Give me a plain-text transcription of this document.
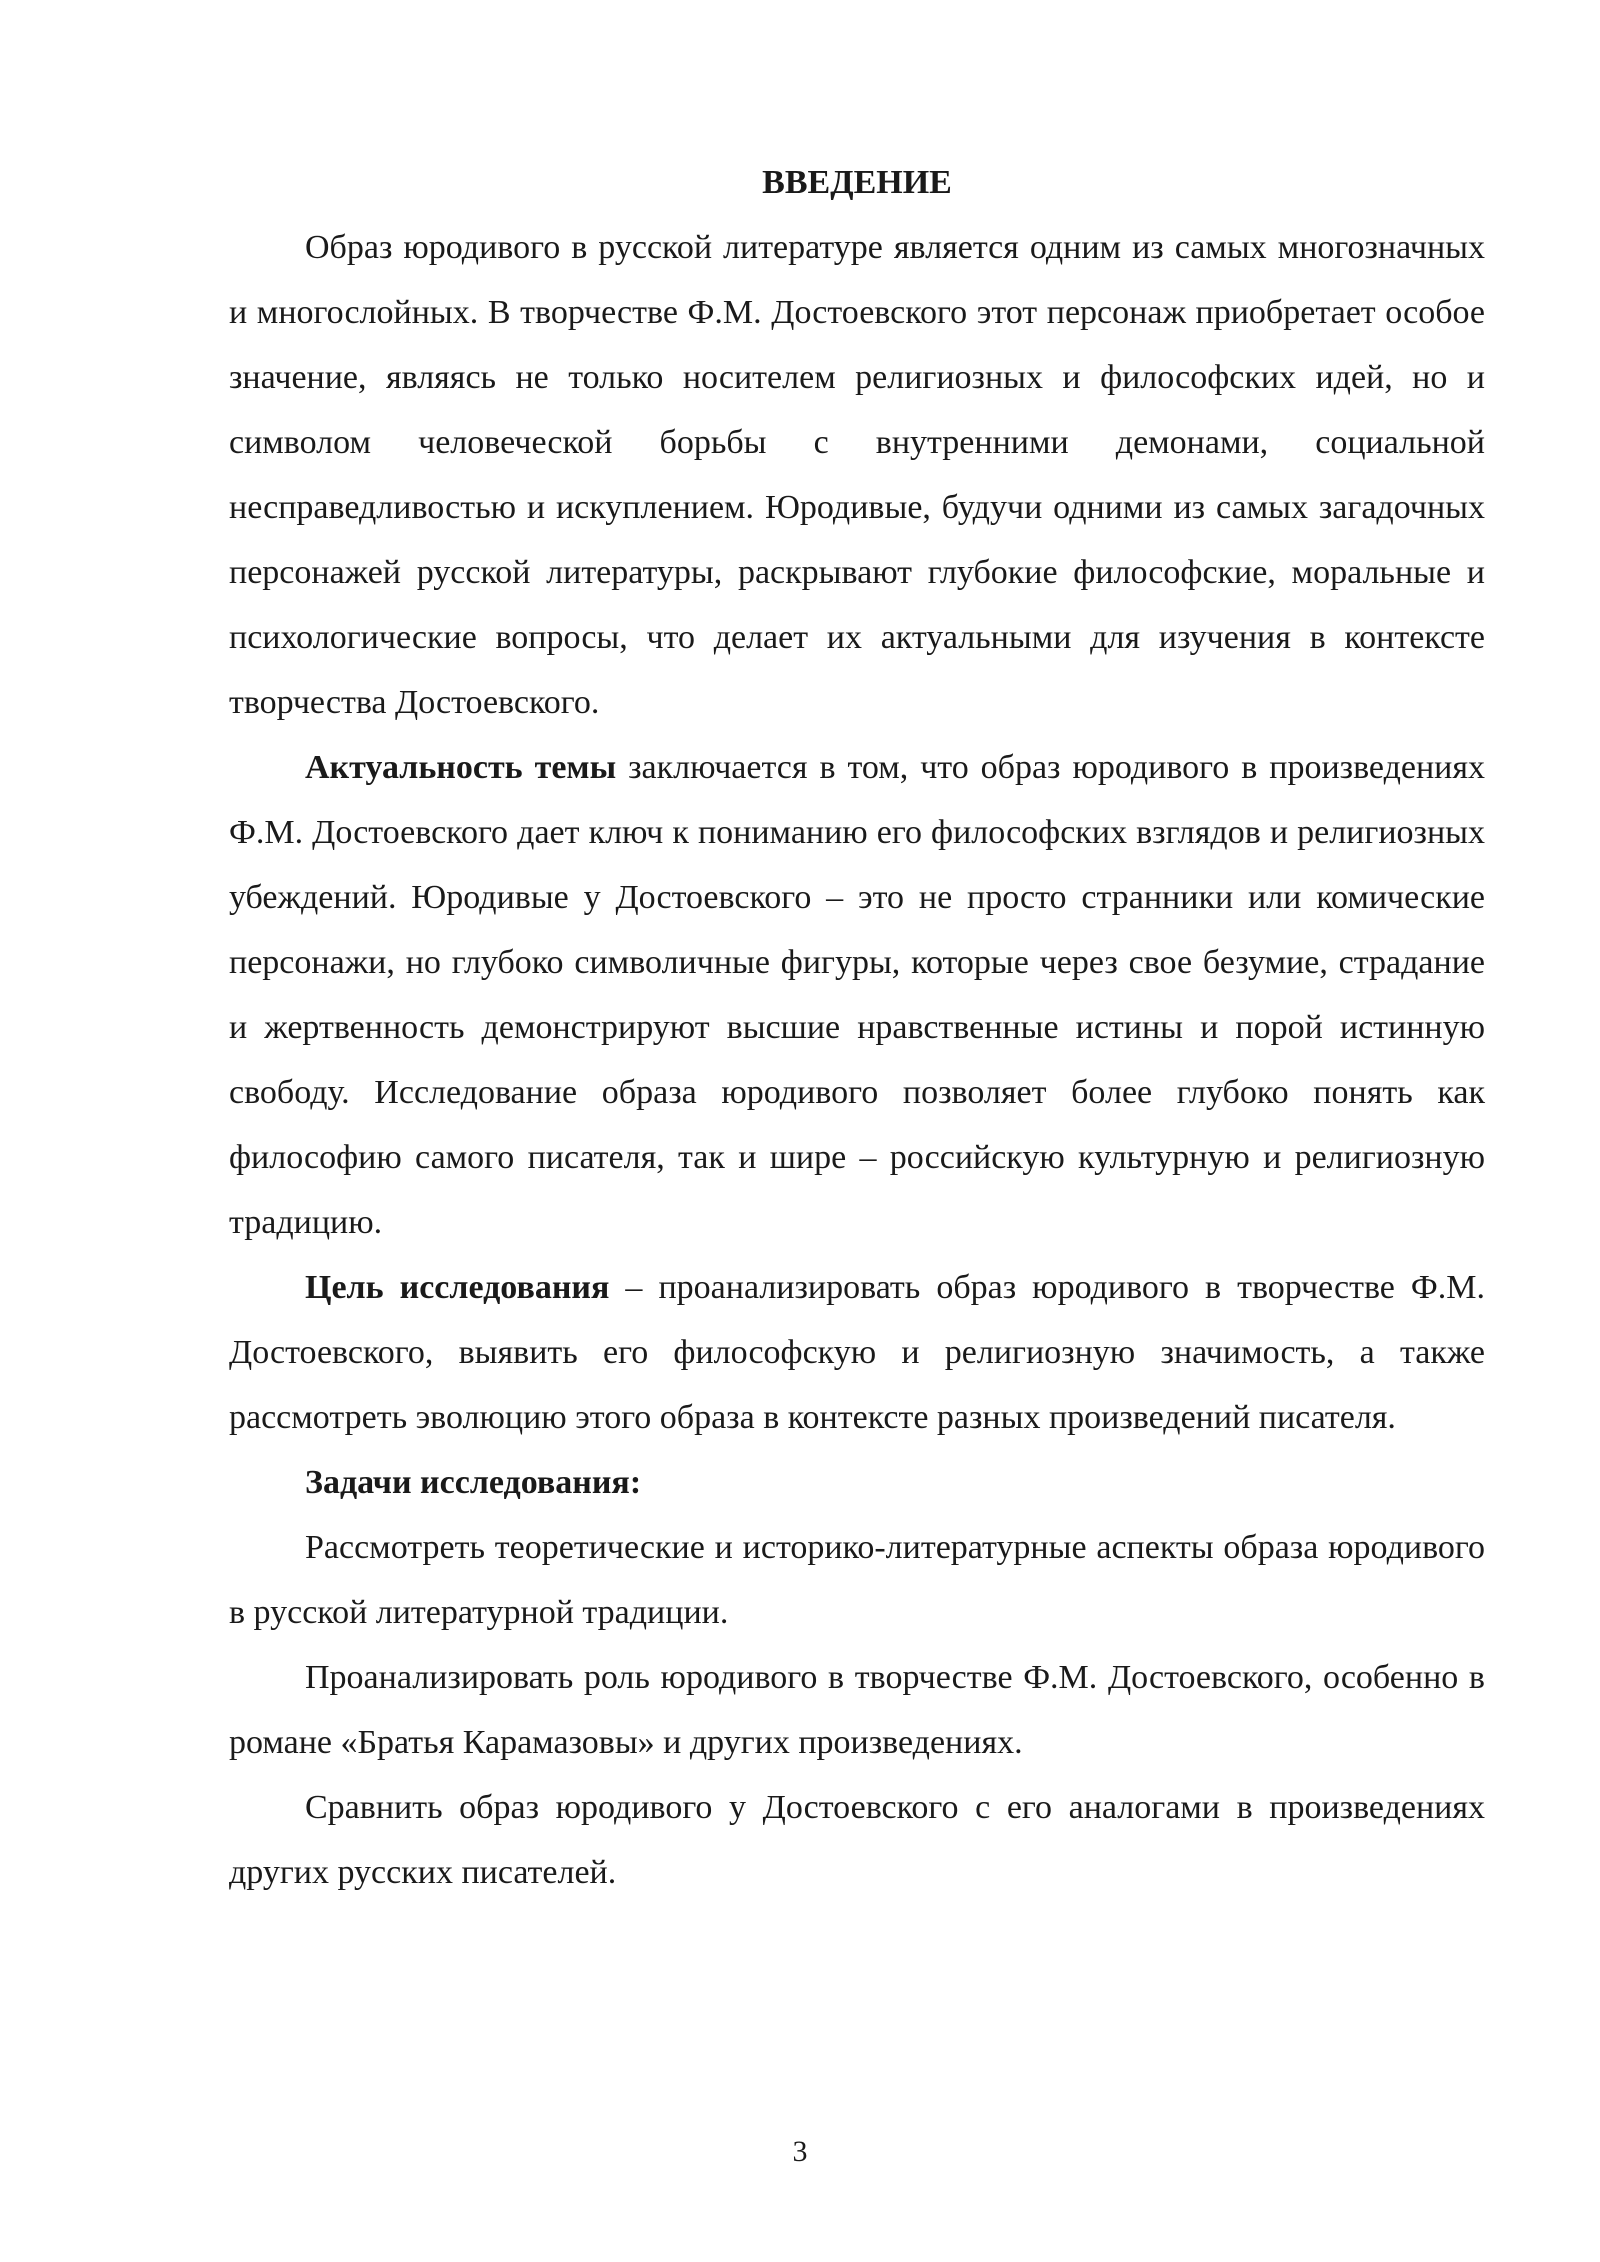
ВВЕДЕНИЕ

Образ юродивого в русской литературе является одним из самых многозначных и многослойных. В творчестве Ф.М. Достоевского этот персонаж приобретает особое значение, являясь не только носителем религиозных и философских идей, но и символом человеческой борьбы с внутренними демонами, социальной несправедливостью и искуплением. Юродивые, будучи одними из самых загадочных персонажей русской литературы, раскрывают глубокие философские, моральные и психологические вопросы, что делает их актуальными для изучения в контексте творчества Достоевского.

Актуальность темы заключается в том, что образ юродивого в произведениях Ф.М. Достоевского дает ключ к пониманию его философских взглядов и религиозных убеждений. Юродивые у Достоевского – это не просто странники или комические персонажи, но глубоко символичные фигуры, которые через свое безумие, страдание и жертвенность демонстрируют высшие нравственные истины и порой истинную свободу. Исследование образа юродивого позволяет более глубоко понять как философию самого писателя, так и шире – российскую культурную и религиозную традицию.

Цель исследования – проанализировать образ юродивого в творчестве Ф.М. Достоевского, выявить его философскую и религиозную значимость, а также рассмотреть эволюцию этого образа в контексте разных произведений писателя.

Задачи исследования:

Рассмотреть теоретические и историко-литературные аспекты образа юродивого в русской литературной традиции.

Проанализировать роль юродивого в творчестве Ф.М. Достоевского, особенно в романе «Братья Карамазовы» и других произведениях.

Сравнить образ юродивого у Достоевского с его аналогами в произведениях других русских писателей.

3
